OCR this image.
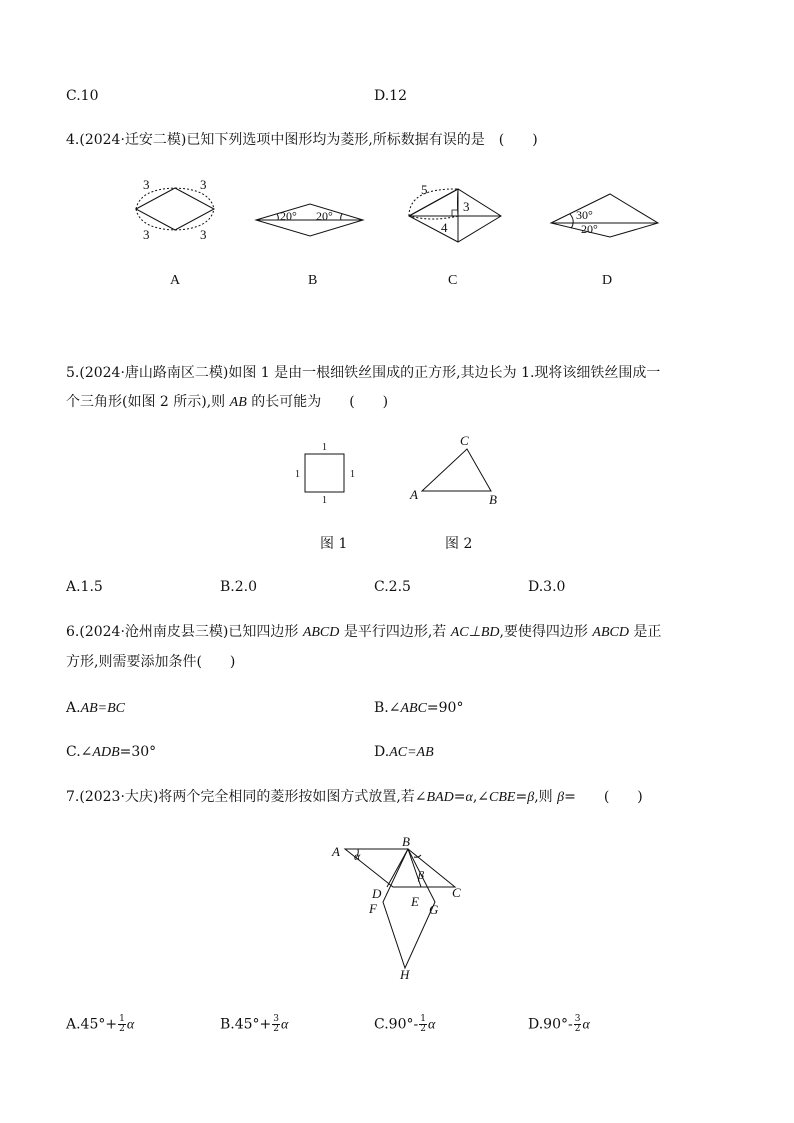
C.10	D.12
4.(2024·迁安二模)已知下列选项中图形均为菱形,所标数据有误的是　(　　)
3	3
3	3
A
20° 20°
B
5
3
4
C
30°
20°
D
5.(2024·唐山路南区二模)如图 1 是由一根细铁丝围成的正方形,其边长为 1.现将该细铁丝围成一
个三角形(如图 2 所示),则 AB 的长可能为　　(　　)
1
1	1
1
C
A	B
图 1	图 2
A.1.5	B.2.0	C.2.5	D.3.0
6.(2024·沧州南皮县三模)已知四边形 ABCD 是平行四边形,若 AC⊥BD,要使得四边形 ABCD 是正
方形,则需要添加条件(　　)
A.AB=BC	B.∠ABC=90°
C.∠ADB=30°	D.AC=AB
7.(2023·大庆)将两个完全相同的菱形按如图方式放置,若∠BAD=α,∠CBE=β,则 β=　　(　　)
A
B
C
D
E
F	G
H
α
β
$A.45^\circ+ \frac{1}{2}$ α	$B.45^\circ+ \frac{3}{2}$ α	$C.90^\circ- \frac{1}{2}$ α	$D.90^\circ- \frac{3}{2}$ α
